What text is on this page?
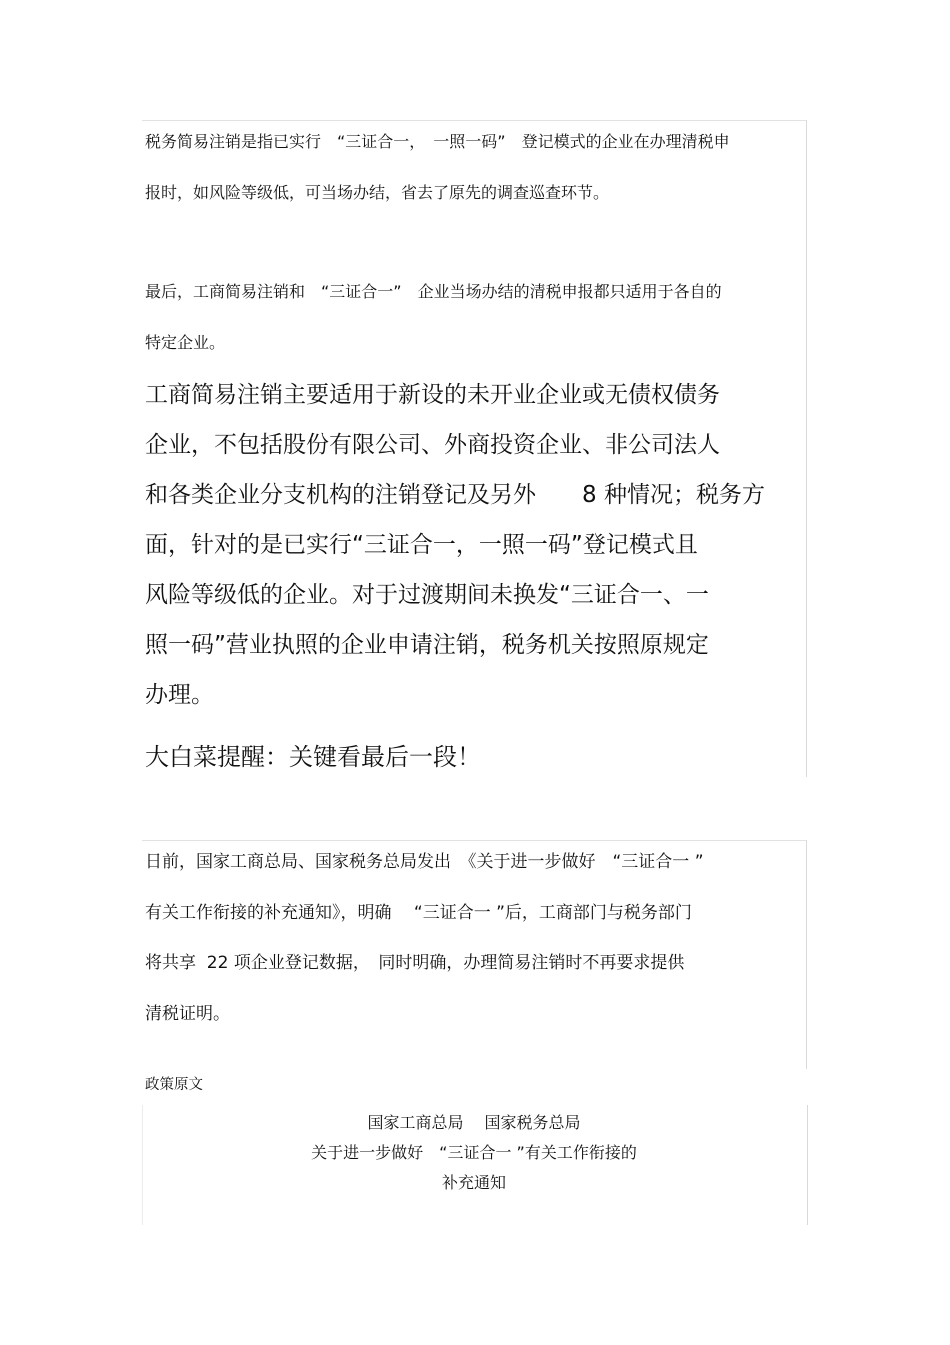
税务简易注销是指已实行　“三证合一，　一照一码”　登记模式的企业在办理清税申
报时，如风险等级低，可当场办结，省去了原先的调查巡查环节。
最后，工商简易注销和　“三证合一”　企业当场办结的清税申报都只适用于各自的
特定企业。
工商简易注销主要适用于新设的未开业企业或无债权债务
企业，不包括股份有限公司、外商投资企业、非公司法人
和各类企业分支机构的注销登记及另外　　8 种情况；税务方
面，针对的是已实行“三证合一，一照一码”登记模式且
风险等级低的企业。对于过渡期间未换发“三证合一、一
照一码”营业执照的企业申请注销，税务机关按照原规定
办理。
大白菜提醒：关键看最后一段！
日前，国家工商总局、国家税务总局发出　《关于进一步做好　“三证合一 ”
有关工作衔接的补充通知》，明确　 “三证合一 ”后，工商部门与税务部门
将共享  22 项企业登记数据，　同时明确，办理简易注销时不再要求提供
清税证明。
政策原文
国家工商总局　 国家税务总局
关于进一步做好　“三证合一 ”有关工作衔接的
补充通知
